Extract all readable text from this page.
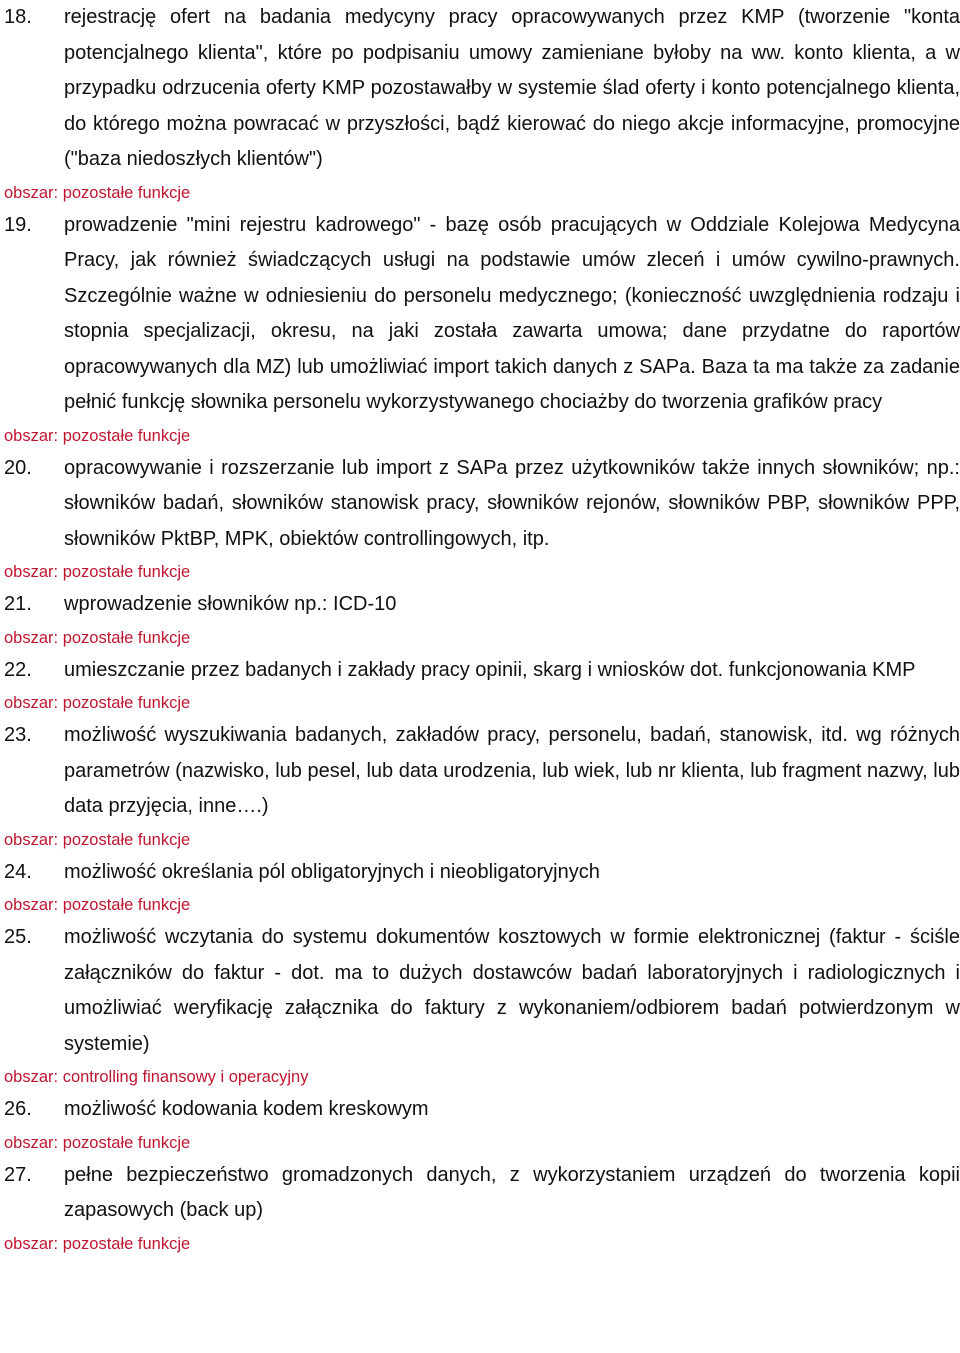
18. rejestrację ofert na badania medycyny pracy opracowywanych przez KMP (tworzenie "konta potencjalnego klienta", które po podpisaniu umowy zamieniane byłoby na ww. konto klienta, a w przypadku odrzucenia oferty KMP pozostawałby w systemie ślad oferty i konto potencjalnego klienta, do którego można powracać w przyszłości, bądź kierować do niego akcje informacyjne, promocyjne ("baza niedoszłych klientów")
obszar: pozostałe funkcje
19. prowadzenie "mini rejestru kadrowego" - bazę osób pracujących w Oddziale Kolejowa Medycyna Pracy, jak również świadczących usługi na podstawie umów zleceń i umów cywilno-prawnych. Szczególnie ważne w odniesieniu do personelu medycznego; (konieczność uwzględnienia rodzaju i stopnia specjalizacji, okresu, na jaki została zawarta umowa; dane przydatne do raportów opracowywanych dla MZ) lub umożliwiać import takich danych z SAPa. Baza ta ma także za zadanie pełnić funkcję słownika personelu wykorzystywanego chociażby do tworzenia grafików pracy
obszar: pozostałe funkcje
20. opracowywanie i rozszerzanie lub import z SAPa przez użytkowników także innych słowników; np.: słowników badań, słowników stanowisk pracy, słowników rejonów, słowników PBP, słowników PPP, słowników PktBP, MPK, obiektów controllingowych, itp.
obszar: pozostałe funkcje
21. wprowadzenie słowników np.: ICD-10
obszar: pozostałe funkcje
22. umieszczanie przez badanych i zakłady pracy opinii, skarg i wniosków dot. funkcjonowania KMP
obszar: pozostałe funkcje
23. możliwość wyszukiwania badanych, zakładów pracy, personelu, badań, stanowisk, itd. wg różnych parametrów (nazwisko, lub pesel, lub data urodzenia, lub wiek, lub nr klienta, lub fragment nazwy, lub data przyjęcia, inne….)
obszar: pozostałe funkcje
24. możliwość określania pól obligatoryjnych i nieobligatoryjnych
obszar: pozostałe funkcje
25. możliwość wczytania do systemu dokumentów kosztowych w formie elektronicznej (faktur - ściśle załączników do faktur - dot. ma to dużych dostawców badań laboratoryjnych i radiologicznych i umożliwiać weryfikację załącznika do faktury z wykonaniem/odbiorem badań potwierdzonym w systemie)
obszar: controlling finansowy i operacyjny
26. możliwość kodowania kodem kreskowym
obszar: pozostałe funkcje
27. pełne bezpieczeństwo gromadzonych danych, z wykorzystaniem urządzeń do tworzenia kopii zapasowych (back up)
obszar: pozostałe funkcje
